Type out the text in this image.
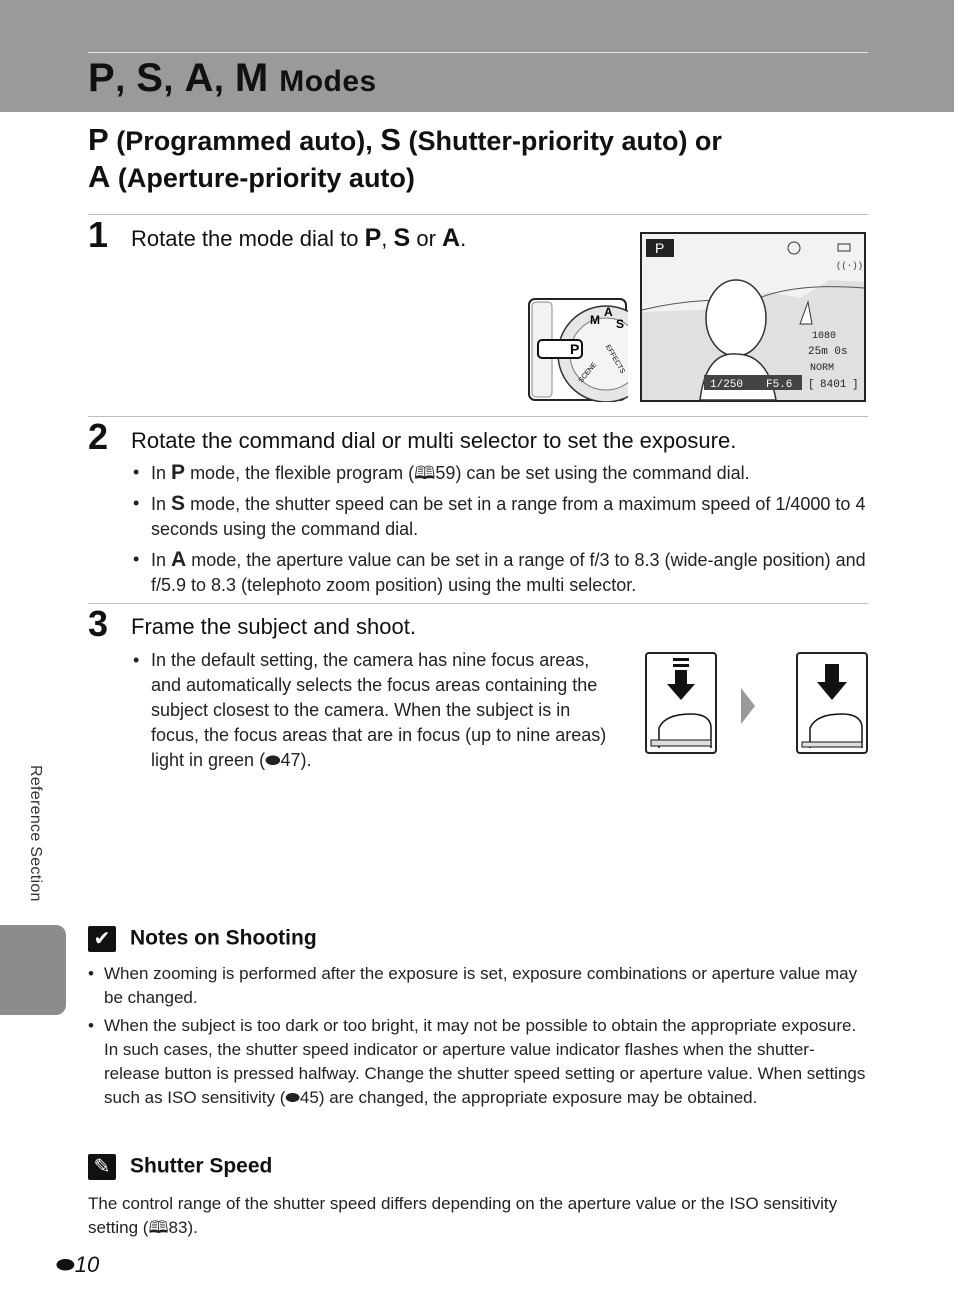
P, S, A, M Modes
P (Programmed auto), S (Shutter-priority auto) or
A (Aperture-priority auto)
1 Rotate the mode dial to P, S or A.
P
M
A
S
EFFECTS
SCENE
P
((·))
1080
25m 0s
NORM
1/250 F5.6 [ 8401 ]
2 Rotate the command dial or multi selector to set the exposure.
• In P mode, the flexible program (🕮59) can be set using the command dial.
• In S mode, the shutter speed can be set in a range from a maximum speed of 1/4000 to 4 seconds using the command dial.
• In A mode, the aperture value can be set in a range of f/3 to 8.3 (wide-angle position) and f/5.9 to 8.3 (telephoto zoom position) using the multi selector.
3 Frame the subject and shoot.
• In the default setting, the camera has nine focus areas, and automatically selects the focus areas containing the subject closest to the camera. When the subject is in focus, the focus areas that are in focus (up to nine areas) light in green (⬬47).
Reference Section
✔ Notes on Shooting
• When zooming is performed after the exposure is set, exposure combinations or aperture value may be changed.
• When the subject is too dark or too bright, it may not be possible to obtain the appropriate exposure. In such cases, the shutter speed indicator or aperture value indicator flashes when the shutter-release button is pressed halfway. Change the shutter speed setting or aperture value. When settings such as ISO sensitivity (⬬45) are changed, the appropriate exposure may be obtained.
✎ Shutter Speed
The control range of the shutter speed differs depending on the aperture value or the ISO sensitivity setting (🕮83).
⬬10
